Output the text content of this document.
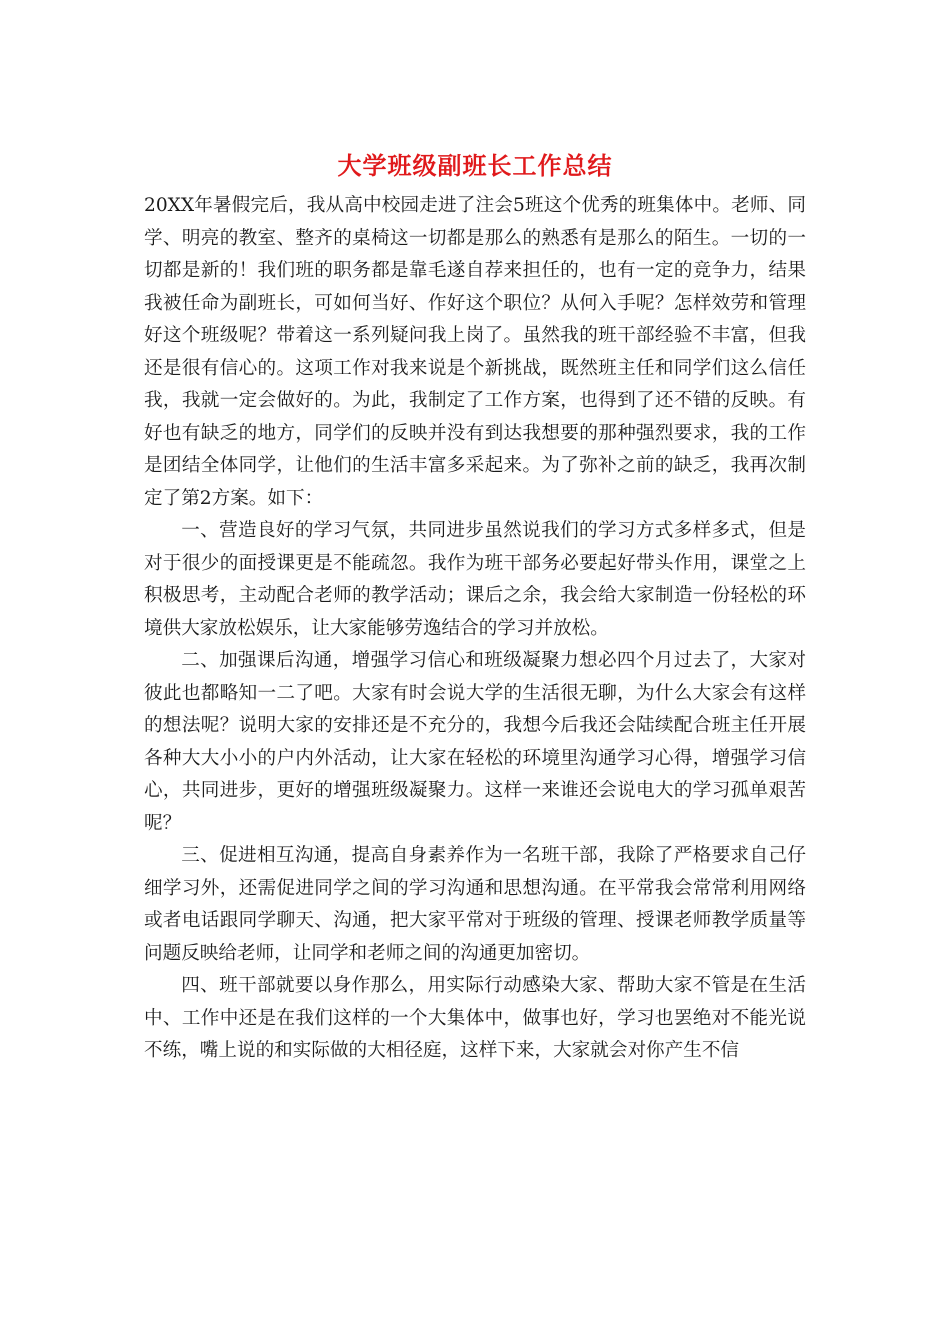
大学班级副班长工作总结

20XX年暑假完后，我从高中校园走进了注会5班这个优秀的班集体中。老师、同学、明亮的教室、整齐的桌椅这一切都是那么的熟悉有是那么的陌生。一切的一切都是新的！我们班的职务都是靠毛遂自荐来担任的，也有一定的竞争力，结果我被任命为副班长，可如何当好、作好这个职位？从何入手呢？怎样效劳和管理好这个班级呢？带着这一系列疑问我上岗了。虽然我的班干部经验不丰富，但我还是很有信心的。这项工作对我来说是个新挑战，既然班主任和同学们这么信任我，我就一定会做好的。为此，我制定了工作方案，也得到了还不错的反映。有好也有缺乏的地方，同学们的反映并没有到达我想要的那种强烈要求，我的工作是团结全体同学，让他们的生活丰富多采起来。为了弥补之前的缺乏，我再次制定了第2方案。如下：

一、营造良好的学习气氛，共同进步虽然说我们的学习方式多样多式，但是对于很少的面授课更是不能疏忽。我作为班干部务必要起好带头作用，课堂之上积极思考，主动配合老师的教学活动；课后之余，我会给大家制造一份轻松的环境供大家放松娱乐，让大家能够劳逸结合的学习并放松。

二、加强课后沟通，增强学习信心和班级凝聚力想必四个月过去了，大家对彼此也都略知一二了吧。大家有时会说大学的生活很无聊，为什么大家会有这样的想法呢？说明大家的安排还是不充分的，我想今后我还会陆续配合班主任开展各种大大小小的户内外活动，让大家在轻松的环境里沟通学习心得，增强学习信心，共同进步，更好的增强班级凝聚力。这样一来谁还会说电大的学习孤单艰苦呢？

三、促进相互沟通，提高自身素养作为一名班干部，我除了严格要求自己仔细学习外，还需促进同学之间的学习沟通和思想沟通。在平常我会常常利用网络或者电话跟同学聊天、沟通，把大家平常对于班级的管理、授课老师教学质量等问题反映给老师，让同学和老师之间的沟通更加密切。

四、班干部就要以身作那么，用实际行动感染大家、帮助大家不管是在生活中、工作中还是在我们这样的一个大集体中，做事也好，学习也罢绝对不能光说不练，嘴上说的和实际做的大相径庭，这样下来，大家就会对你产生不信
